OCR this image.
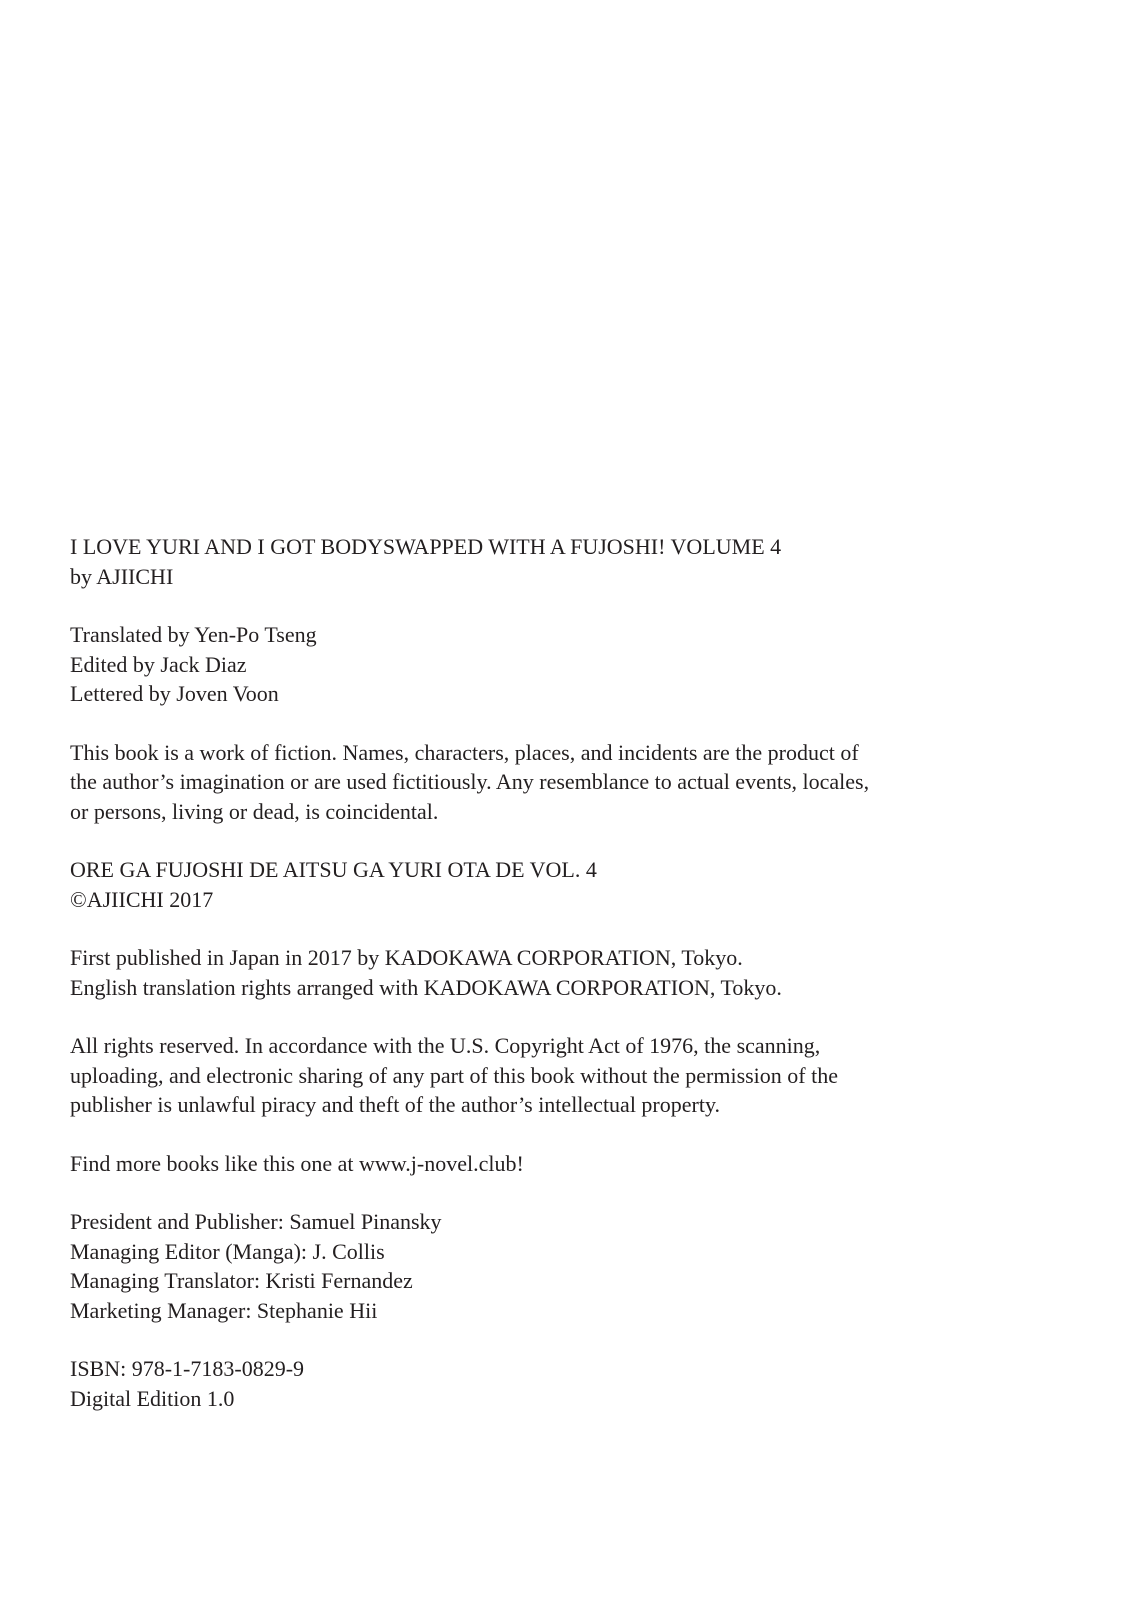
I LOVE YURI AND I GOT BODYSWAPPED WITH A FUJOSHI! VOLUME 4
by AJIICHI
Translated by Yen-Po Tseng
Edited by Jack Diaz
Lettered by Joven Voon
This book is a work of fiction. Names, characters, places, and incidents are the product of
the author’s imagination or are used fictitiously. Any resemblance to actual events, locales,
or persons, living or dead, is coincidental.
ORE GA FUJOSHI DE AITSU GA YURI OTA DE VOL. 4
©AJIICHI 2017
First published in Japan in 2017 by KADOKAWA CORPORATION, Tokyo.
English translation rights arranged with KADOKAWA CORPORATION, Tokyo.
All rights reserved. In accordance with the U.S. Copyright Act of 1976, the scanning,
uploading, and electronic sharing of any part of this book without the permission of the
publisher is unlawful piracy and theft of the author’s intellectual property.
Find more books like this one at www.j-novel.club!
President and Publisher: Samuel Pinansky
Managing Editor (Manga): J. Collis
Managing Translator: Kristi Fernandez
Marketing Manager: Stephanie Hii
ISBN: 978-1-7183-0829-9
Digital Edition 1.0
